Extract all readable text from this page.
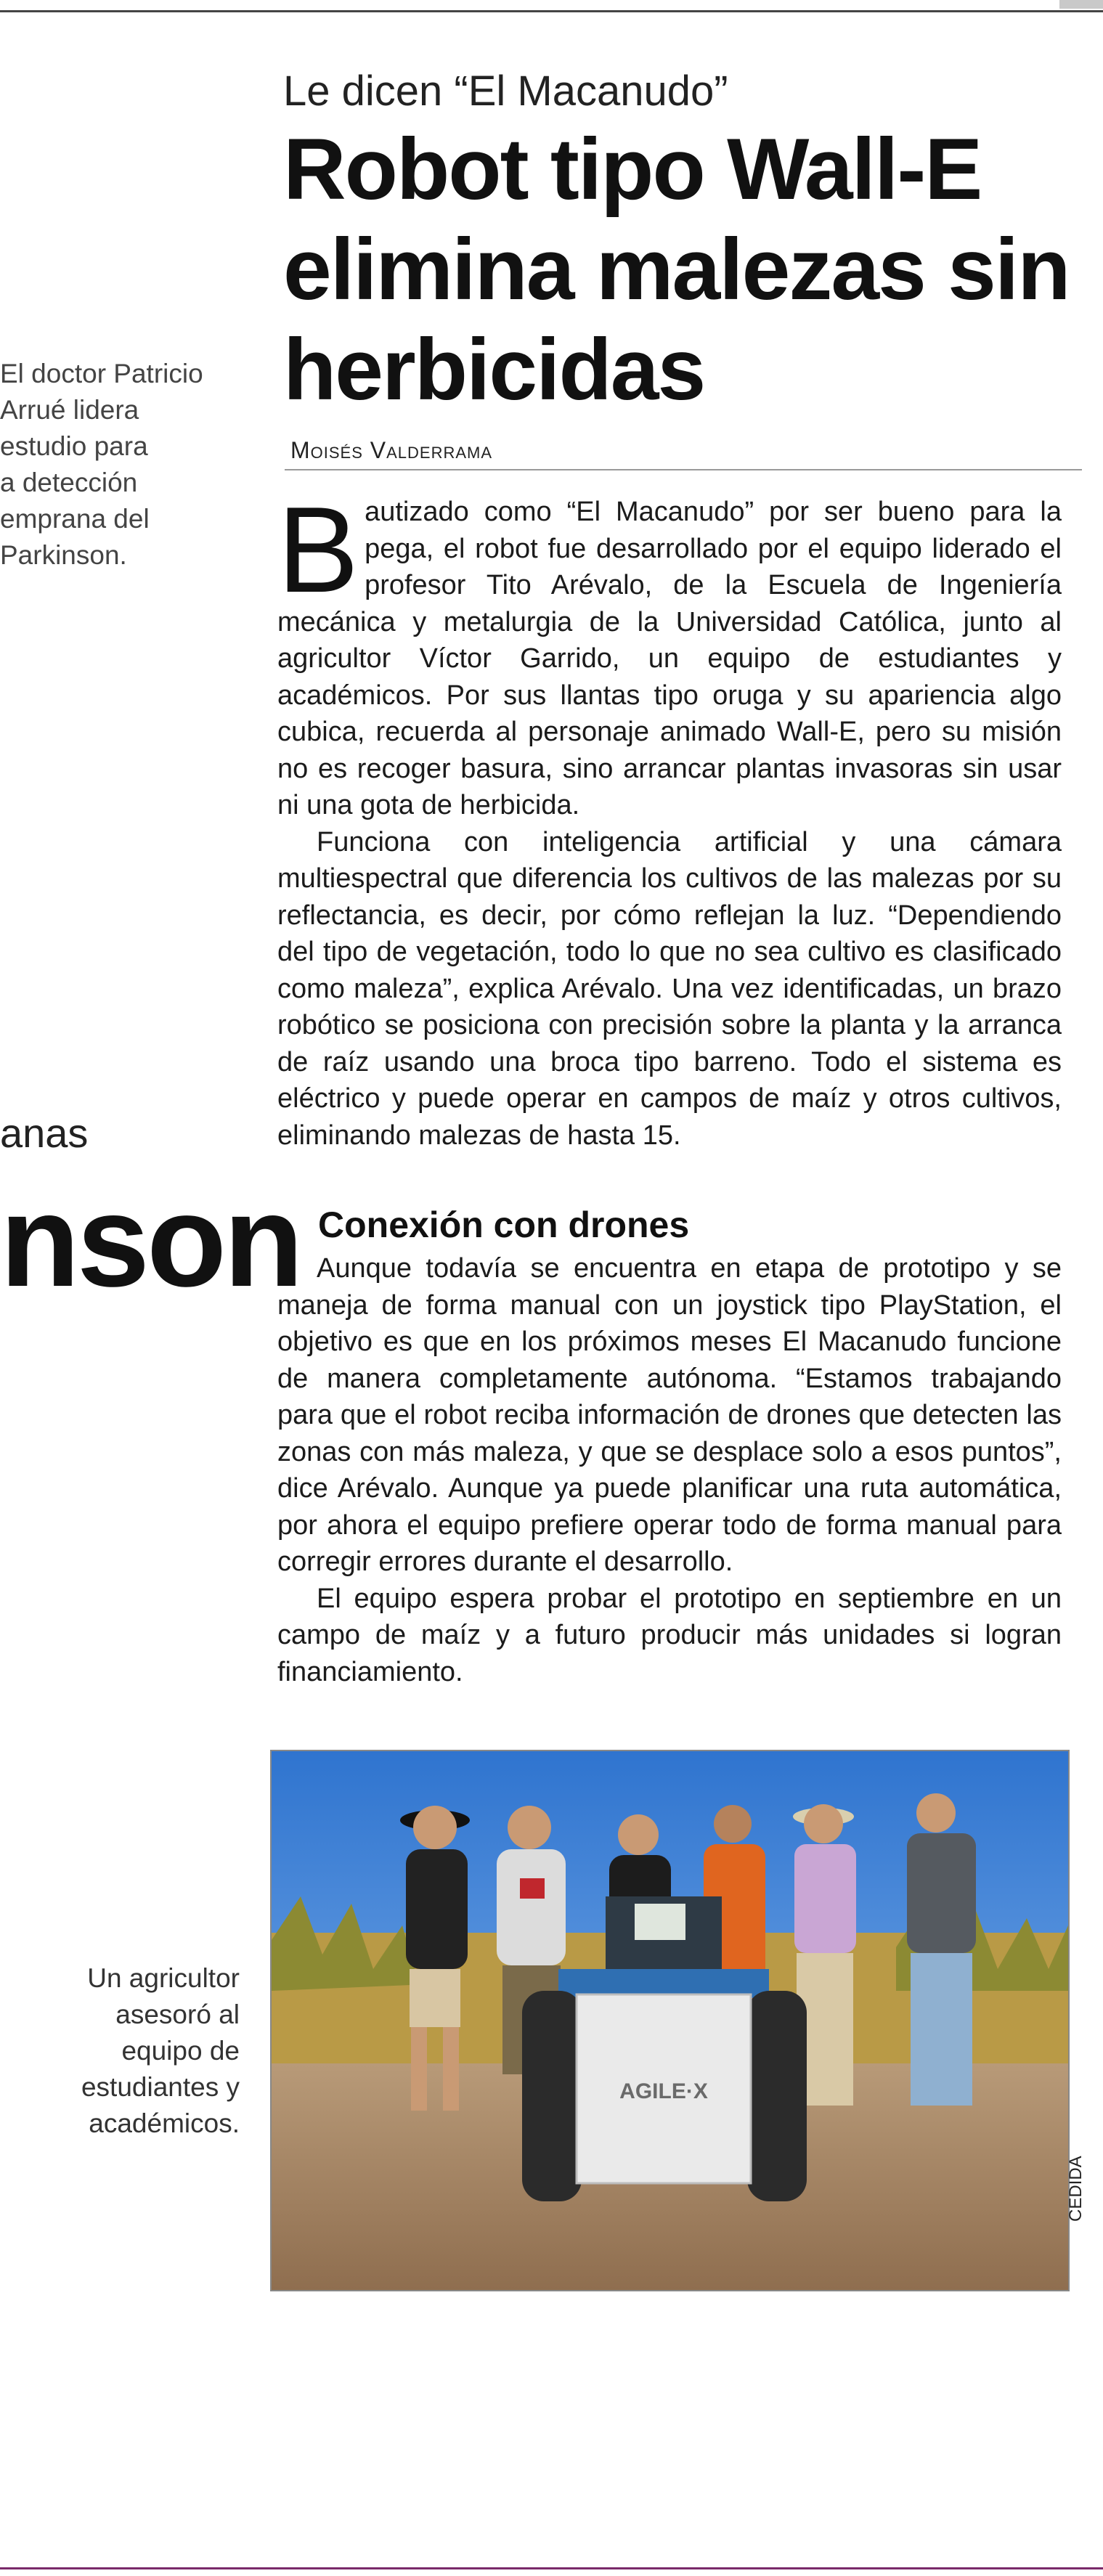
El doctor Patricio
Arrué lidera
estudio para
a detección
emprana del
Parkinson.
anas
nson
Le dicen “El Macanudo”
Robot tipo Wall-E elimina malezas sin herbicidas
Moisés Valderrama

Bautizado como “El Macanudo” por ser bueno para la pega, el robot fue desarrollado por el equipo liderado el profesor Tito Arévalo, de la Escuela de Ingeniería mecánica y metalurgia de la Universidad Católica, junto al agricultor Víctor Garrido, un equipo de estudiantes y académicos. Por sus llantas tipo oruga y su apariencia algo cubica, recuerda al personaje animado Wall-E, pero su misión no es recoger basura, sino arrancar plantas invasoras sin usar ni una gota de herbicida.

Funciona con inteligencia artificial y una cámara multiespectral que diferencia los cultivos de las malezas por su reflectancia, es decir, por cómo reflejan la luz. “Dependiendo del tipo de vegetación, todo lo que no sea cultivo es clasificado como maleza”, explica Arévalo. Una vez identificadas, un brazo robótico se posiciona con precisión sobre la planta y la arranca de raíz usando una broca tipo barreno. Todo el sistema es eléctrico y puede operar en campos de maíz y otros cultivos, eliminando malezas de hasta 15.

Conexión con drones

Aunque todavía se encuentra en etapa de prototipo y se maneja de forma manual con un joystick tipo PlayStation, el objetivo es que en los próximos meses El Macanudo funcione de manera completamente autónoma. “Estamos trabajando para que el robot reciba información de drones que detecten las zonas con más maleza, y que se desplace solo a esos puntos”, dice Arévalo. Aunque ya puede planificar una ruta automática, por ahora el equipo prefiere operar todo de forma manual para corregir errores durante el desarrollo.

El equipo espera probar el prototipo en septiembre en un campo de maíz y a futuro producir más unidades si logran financiamiento.

AGILE·X
CEDIDA
Un agricultor
asesoró al
equipo de
estudiantes y
académicos.
